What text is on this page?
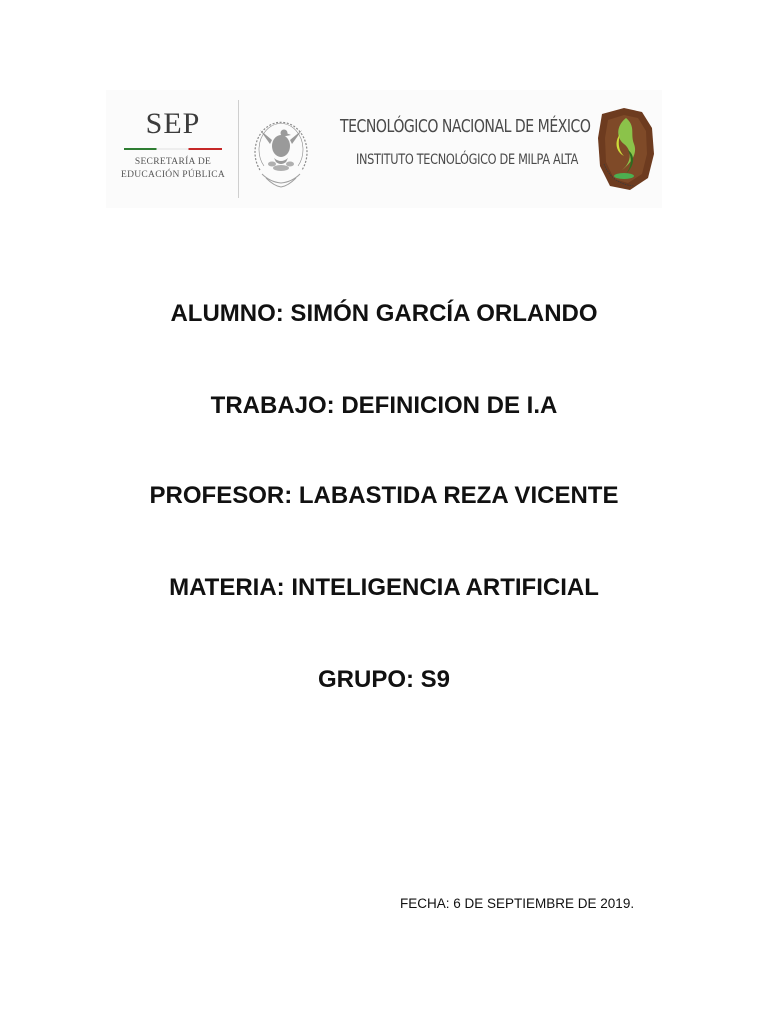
SEP
SECRETARÍA DE
EDUCACIÓN PÚBLICA
TECNOLÓGICO NACIONAL DE MÉXICO
INSTITUTO TECNOLÓGICO DE MILPA ALTA
ALUMNO: SIMÓN GARCÍA ORLANDO
TRABAJO: DEFINICION DE I.A
PROFESOR: LABASTIDA REZA VICENTE
MATERIA: INTELIGENCIA ARTIFICIAL
GRUPO: S9
FECHA: 6 DE SEPTIEMBRE DE 2019.
